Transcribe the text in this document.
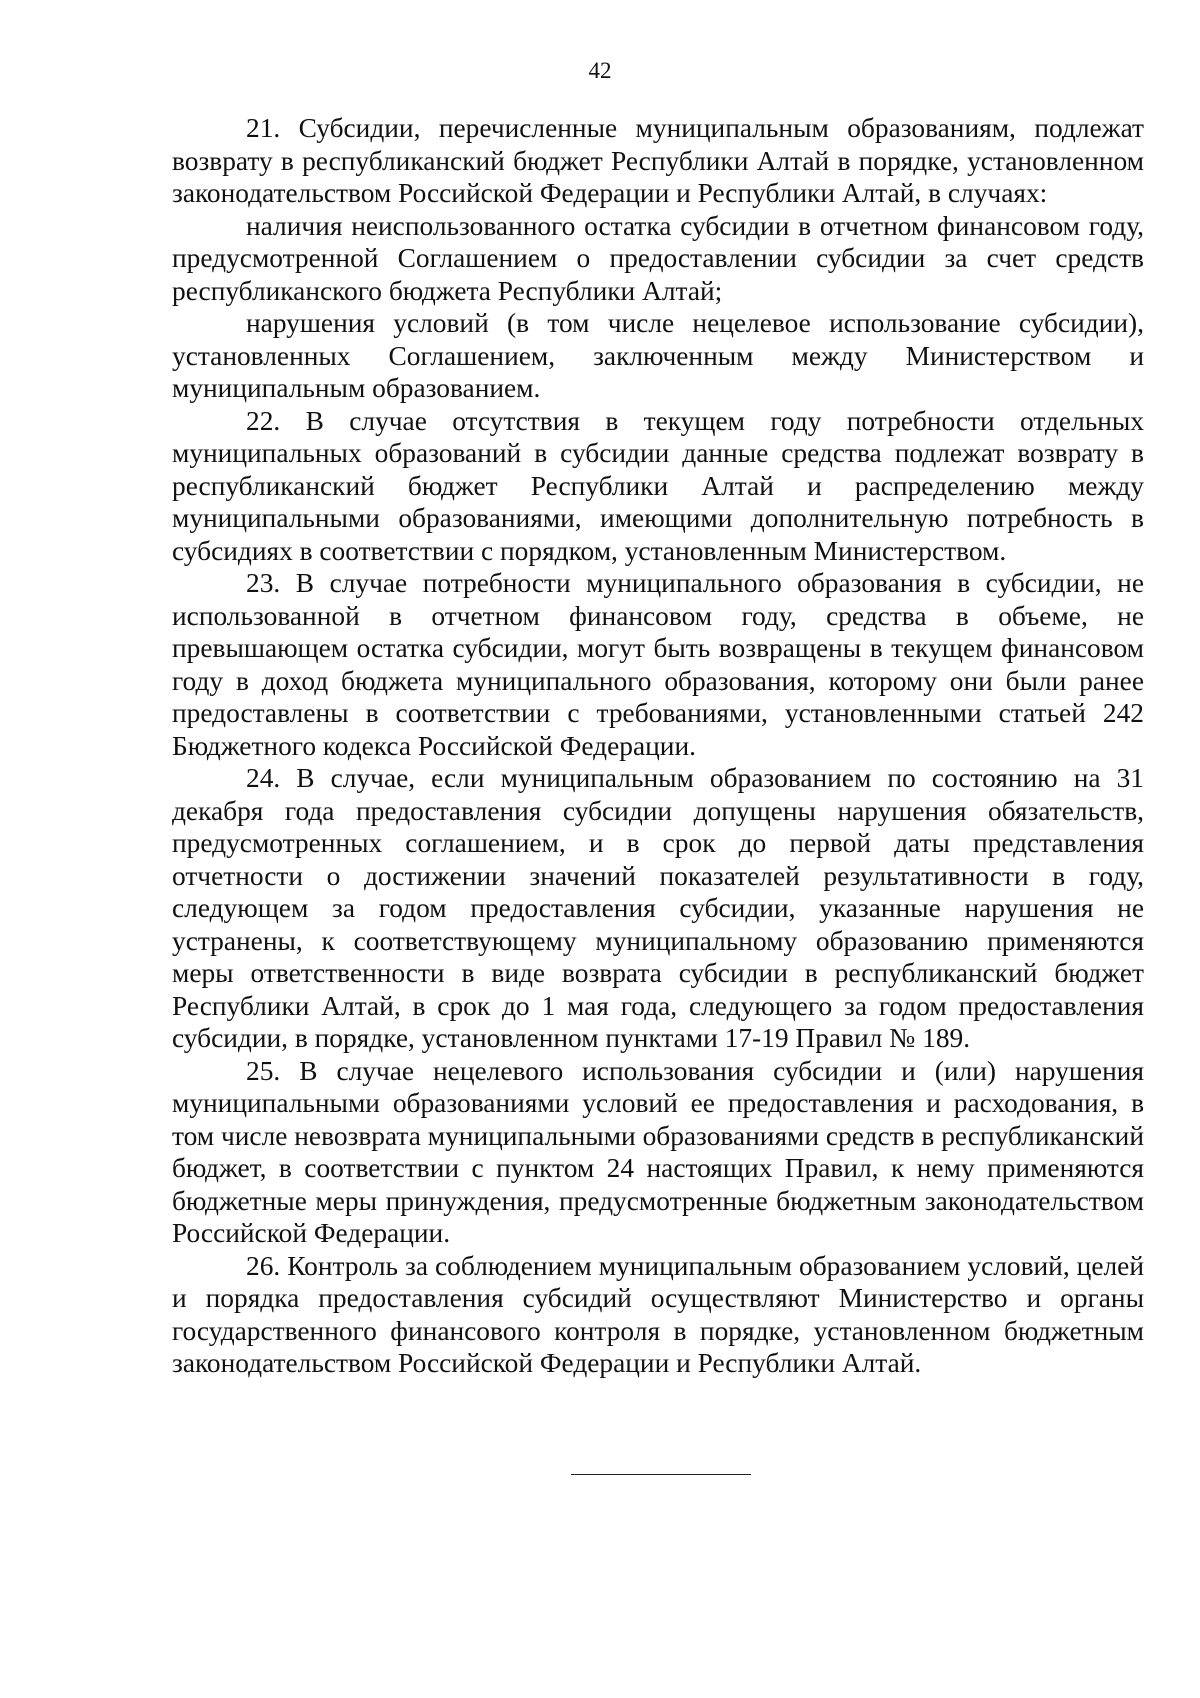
42

21. Субсидии, перечисленные муниципальным образованиям, подлежат возврату в республиканский бюджет Республики Алтай в порядке, установленном законодательством Российской Федерации и Республики Алтай, в случаях:

наличия неиспользованного остатка субсидии в отчетном финансовом году, предусмотренной Соглашением о предоставлении субсидии за счет средств республиканского бюджета Республики Алтай;

нарушения условий (в том числе нецелевое использование субсидии), установленных Соглашением, заключенным между Министерством и муниципальным образованием.

22. В случае отсутствия в текущем году потребности отдельных муниципальных образований в субсидии данные средства подлежат возврату в республиканский бюджет Республики Алтай и распределению между муниципальными образованиями, имеющими дополнительную потребность в субсидиях в соответствии с порядком, установленным Министерством.

23. В случае потребности муниципального образования в субсидии, не использованной в отчетном финансовом году, средства в объеме, не превышающем остатка субсидии, могут быть возвращены в текущем финансовом году в доход бюджета муниципального образования, которому они были ранее предоставлены в соответствии с требованиями, установленными статьей 242 Бюджетного кодекса Российской Федерации.

24. В случае, если муниципальным образованием по состоянию на 31 декабря года предоставления субсидии допущены нарушения обязательств, предусмотренных соглашением, и в срок до первой даты представления отчетности о достижении значений показателей результативности в году, следующем за годом предоставления субсидии, указанные нарушения не устранены, к соответствующему муниципальному образованию применяются меры ответственности в виде возврата субсидии в республиканский бюджет Республики Алтай, в срок до 1 мая года, следующего за годом предоставления субсидии, в порядке, установленном пунктами 17-19 Правил № 189.

25. В случае нецелевого использования субсидии и (или) нарушения муниципальными образованиями условий ее предоставления и расходования, в том числе невозврата муниципальными образованиями средств в республиканский бюджет, в соответствии с пунктом 24 настоящих Правил, к нему применяются бюджетные меры принуждения, предусмотренные бюджетным законодательством Российской Федерации.

26. Контроль за соблюдением муниципальным образованием условий, целей и порядка предоставления субсидий осуществляют Министерство и органы государственного финансового контроля в порядке, установленном бюджетным законодательством Российской Федерации и Республики Алтай.
